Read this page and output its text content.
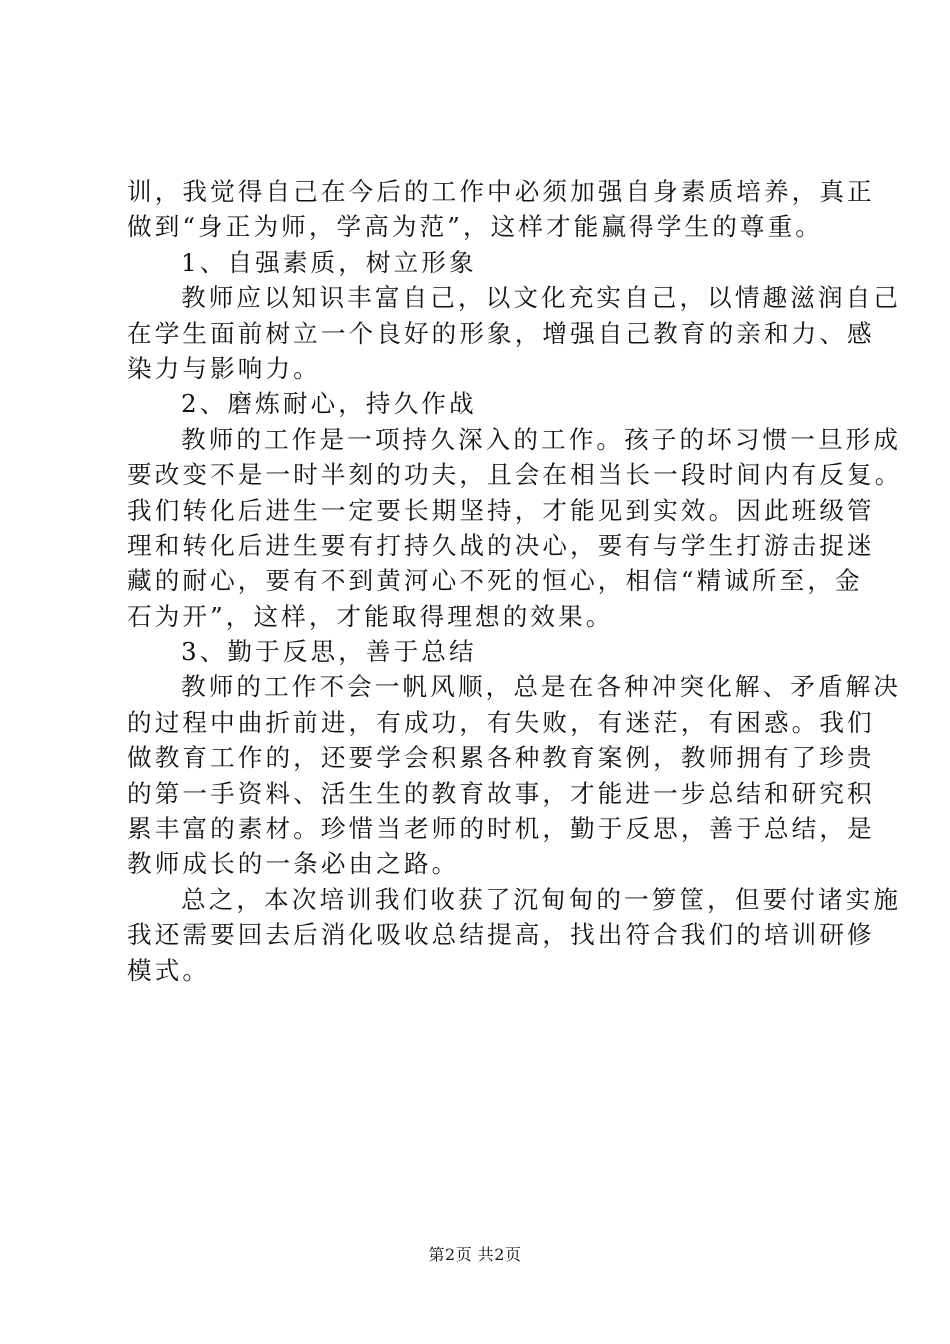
训，我觉得自己在今后的工作中必须加强自身素质培养，真正
做到“身正为师，学高为范”，这样才能赢得学生的尊重。
1、自强素质，树立形象
教师应以知识丰富自己，以文化充实自己，以情趣滋润自己
在学生面前树立一个良好的形象，增强自己教育的亲和力、感
染力与影响力。
2、磨炼耐心，持久作战
教师的工作是一项持久深入的工作。孩子的坏习惯一旦形成
要改变不是一时半刻的功夫，且会在相当长一段时间内有反复。
我们转化后进生一定要长期坚持，才能见到实效。因此班级管
理和转化后进生要有打持久战的决心，要有与学生打游击捉迷
藏的耐心，要有不到黄河心不死的恒心，相信“精诚所至，金
石为开”，这样，才能取得理想的效果。
3、勤于反思，善于总结
教师的工作不会一帆风顺，总是在各种冲突化解、矛盾解决
的过程中曲折前进，有成功，有失败，有迷茫，有困惑。我们
做教育工作的，还要学会积累各种教育案例，教师拥有了珍贵
的第一手资料、活生生的教育故事，才能进一步总结和研究积
累丰富的素材。珍惜当老师的时机，勤于反思，善于总结，是
教师成长的一条必由之路。
总之，本次培训我们收获了沉甸甸的一箩筐，但要付诸实施
我还需要回去后消化吸收总结提高，找出符合我们的培训研修
模式。
第2页 共2页
